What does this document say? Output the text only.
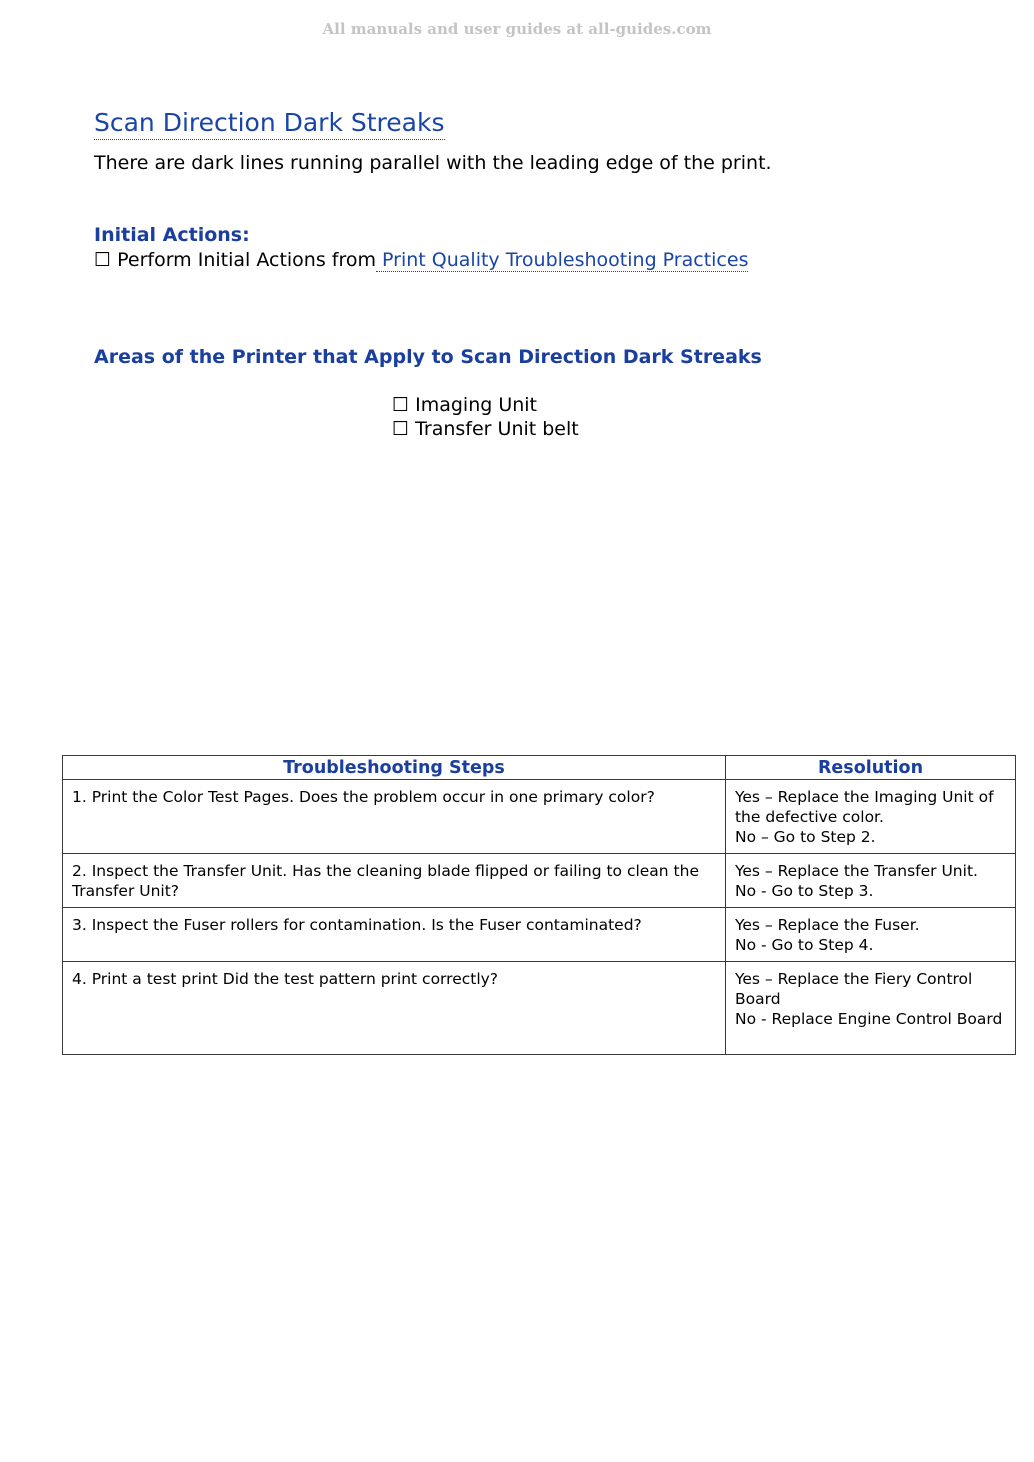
All manuals and user guides at all-guides.com
Scan Direction Dark Streaks
There are dark lines running parallel with the leading edge of the print.
Initial Actions:
☐ Perform Initial Actions from Print Quality Troubleshooting Practices
Areas of the Printer that Apply to Scan Direction Dark Streaks
☐ Imaging Unit
☐ Transfer Unit belt
Troubleshooting Steps	Resolution
1. Print the Color Test Pages. Does the problem occur in one primary color?	Yes – Replace the Imaging Unit of the defective color.
No – Go to Step 2.

2. Inspect the Transfer Unit. Has the cleaning blade flipped or failing to clean the Transfer Unit?	Yes – Replace the Transfer Unit.
No - Go to Step 3.

3. Inspect the Fuser rollers for contamination. Is the Fuser contaminated?	Yes – Replace the Fuser.
No - Go to Step 4.

4. Print a test print Did the test pattern print correctly?	Yes – Replace the Fiery Control Board
No - Replace Engine Control Board
